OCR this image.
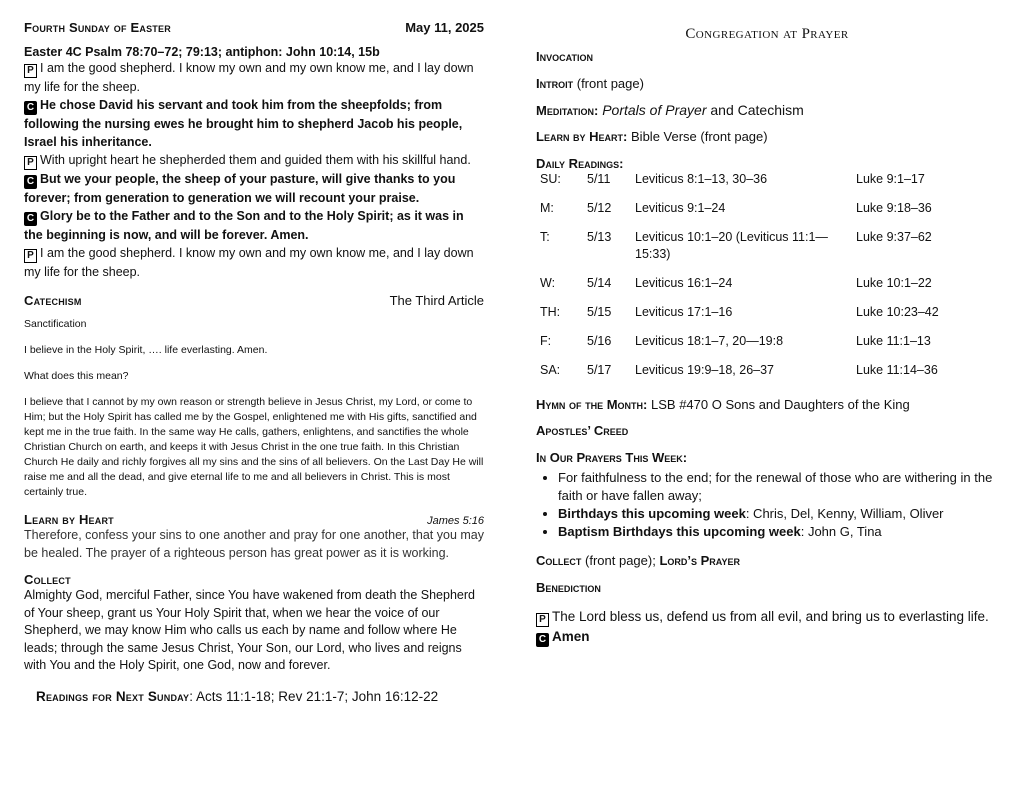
Fourth Sunday of Easter	May 11, 2025
Easter 4C Psalm 78:70–72; 79:13; antiphon: John 10:14, 15b

P I am the good shepherd. I know my own and my own know me, and I lay down my life for the sheep.

C He chose David his servant and took him from the sheepfolds; from following the nursing ewes he brought him to shepherd Jacob his people, Israel his inheritance.

P With upright heart he shepherded them and guided them with his skillful hand.

C But we your people, the sheep of your pasture, will give thanks to you forever; from generation to generation we will recount your praise.

C Glory be to the Father and to the Son and to the Holy Spirit; as it was in the beginning is now, and will be forever. Amen.

P I am the good shepherd. I know my own and my own know me, and I lay down my life for the sheep.

Catechism	The Third Article

Sanctification

I believe in the Holy Spirit, …. life everlasting. Amen.

What does this mean?

I believe that I cannot by my own reason or strength believe in Jesus Christ, my Lord, or come to Him; but the Holy Spirit has called me by the Gospel, enlightened me with His gifts, sanctified and kept me in the true faith. In the same way He calls, gathers, enlightens, and sanctifies the whole Christian Church on earth, and keeps it with Jesus Christ in the one true faith. In this Christian Church He daily and richly forgives all my sins and the sins of all believers. On the Last Day He will raise me and all the dead, and give eternal life to me and all believers in Christ. This is most certainly true.

Learn by Heart	James 5:16

Therefore, confess your sins to one another and pray for one another, that you may be healed. The prayer of a righteous person has great power as it is working.

Collect

Almighty God, merciful Father, since You have wakened from death the Shepherd of Your sheep, grant us Your Holy Spirit that, when we hear the voice of our Shepherd, we may know Him who calls us each by name and follow where He leads; through the same Jesus Christ, Your Son, our Lord, who lives and reigns with You and the Holy Spirit, one God, now and forever.

Readings for Next Sunday: Acts 11:1-18; Rev 21:1-7; John 16:12-22
Congregation at Prayer

Invocation

Introit (front page)

Meditation: Portals of Prayer and Catechism

Learn by Heart: Bible Verse (front page)

Daily Readings:

SU:	5/11	Leviticus 8:1–13, 30–36	Luke 9:1–17
M:	5/12	Leviticus 9:1–24	Luke 9:18–36
T:	5/13	Leviticus 10:1–20 (Leviticus 11:1—15:33)	Luke 9:37–62
W:	5/14	Leviticus 16:1–24	Luke 10:1–22
TH:	5/15	Leviticus 17:1–16	Luke 10:23–42
F:	5/16	Leviticus 18:1–7, 20—19:8	Luke 11:1–13
SA:	5/17	Leviticus 19:9–18, 26–37	Luke 11:14–36

Hymn of the Month: LSB #470 O Sons and Daughters of the King

Apostles’ Creed

In Our Prayers This Week:

• For faithfulness to the end; for the renewal of those who are withering in the faith or have fallen away;
• Birthdays this upcoming week: Chris, Del, Kenny, William, Oliver
• Baptism Birthdays this upcoming week: John G, Tina

Collect (front page); Lord’s Prayer

Benediction

P The Lord bless us, defend us from all evil, and bring us to everlasting life.

C Amen
